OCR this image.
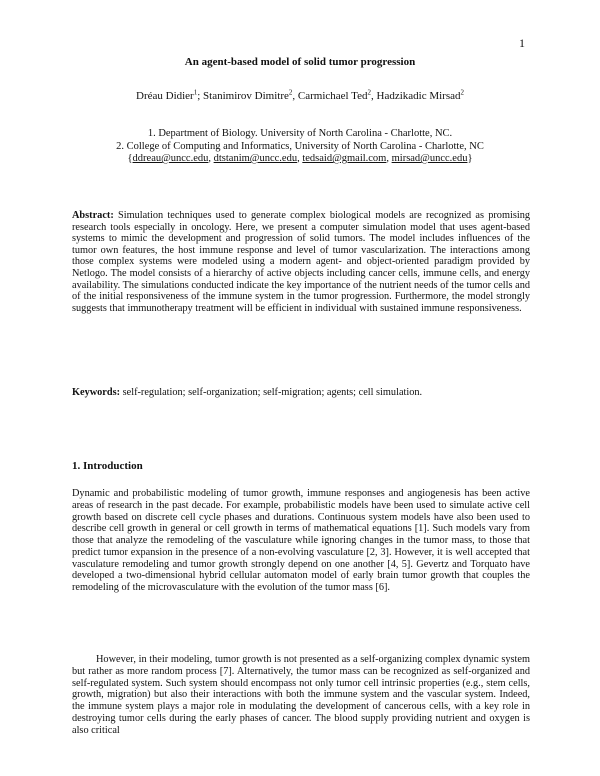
1
An agent-based model of solid tumor progression
Dréau Didier$^1$; Stanimirov Dimitre$^2$, Carmichael Ted$^2$, Hadzikadic Mirsad$^2$
1. Department of Biology. University of North Carolina - Charlotte, NC.
2. College of Computing and Informatics, University of North Carolina - Charlotte, NC
{ddreau@uncc.edu, dtstanim@uncc.edu, tedsaid@gmail.com, mirsad@uncc.edu}
Abstract: Simulation techniques used to generate complex biological models are recognized as promising research tools especially in oncology. Here, we present a computer simulation model that uses agent-based systems to mimic the development and progression of solid tumors. The model includes influences of the tumor own features, the host immune response and level of tumor vascularization. The interactions among those complex systems were modeled using a modern agent- and object-oriented paradigm provided by Netlogo. The model consists of a hierarchy of active objects including cancer cells, immune cells, and energy availability. The simulations conducted indicate the key importance of the nutrient needs of the tumor cells and of the initial responsiveness of the immune system in the tumor progression. Furthermore, the model strongly suggests that immunotherapy treatment will be efficient in individual with sustained immune responsiveness.
Keywords: self-regulation; self-organization; self-migration; agents; cell simulation.
1. Introduction
Dynamic and probabilistic modeling of tumor growth, immune responses and angiogenesis has been active areas of research in the past decade. For example, probabilistic models have been used to simulate active cell growth based on discrete cell cycle phases and durations. Continuous system models have also been used to describe cell growth in general or cell growth in terms of mathematical equations [1]. Such models vary from those that analyze the remodeling of the vasculature while ignoring changes in the tumor mass, to those that predict tumor expansion in the presence of a non-evolving vasculature [2, 3]. However, it is well accepted that vasculature remodeling and tumor growth strongly depend on one another [4, 5]. Gevertz and Torquato have developed a two-dimensional hybrid cellular automaton model of early brain tumor growth that couples the remodeling of the microvasculature with the evolution of the tumor mass [6].
However, in their modeling, tumor growth is not presented as a self-organizing complex dynamic system but rather as more random process [7]. Alternatively, the tumor mass can be recognized as self-organized and self-regulated system. Such system should encompass not only tumor cell intrinsic properties (e.g., stem cells, growth, migration) but also their interactions with both the immune system and the vascular system. Indeed, the immune system plays a major role in modulating the development of cancerous cells, with a key role in destroying tumor cells during the early phases of cancer. The blood supply providing nutrient and oxygen is also critical
